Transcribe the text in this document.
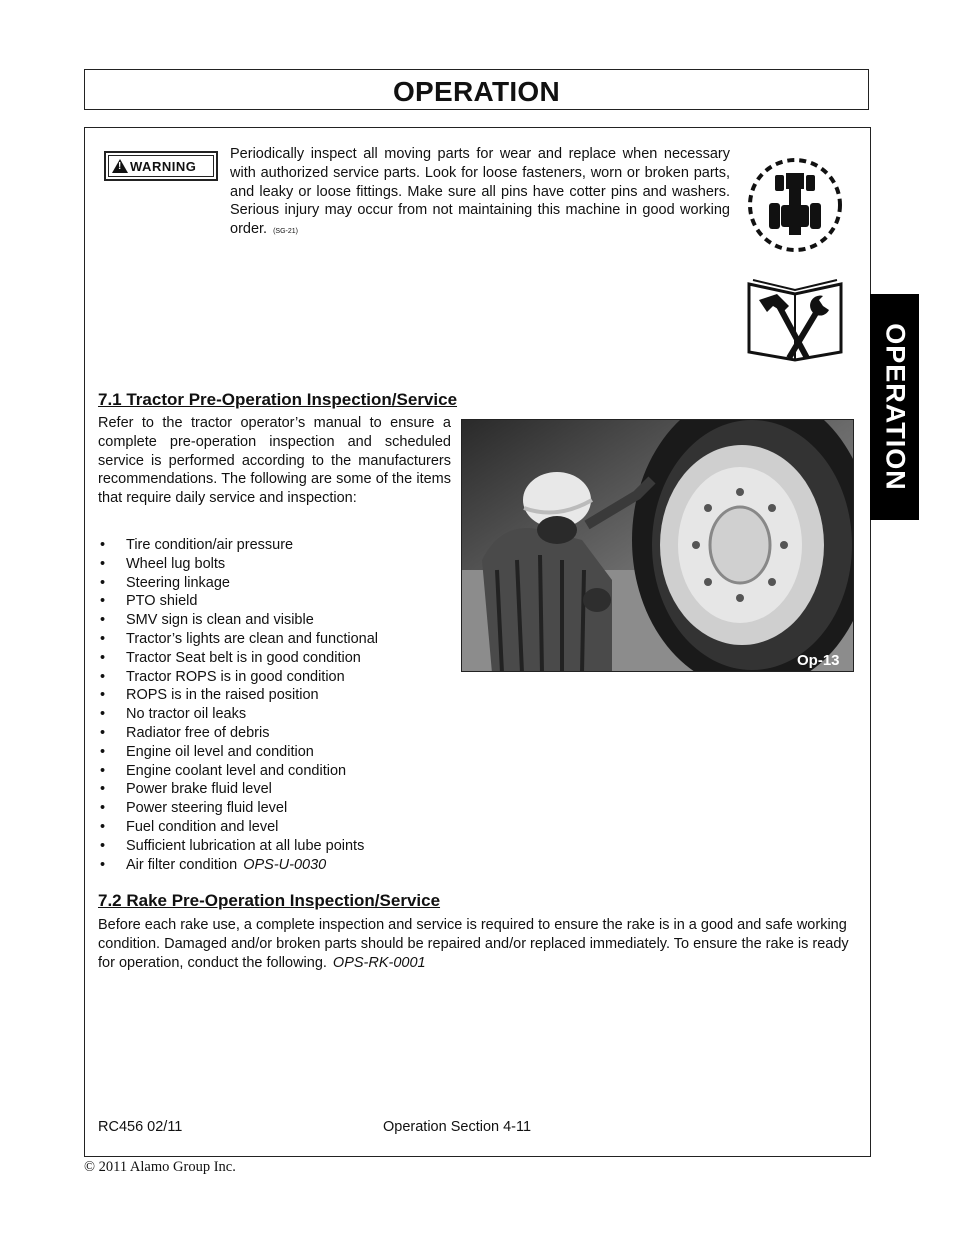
OPERATION
OPERATION
! WARNING

Periodically inspect all moving parts for wear and replace when necessary with authorized service parts. Look for loose fasteners, worn or broken parts, and leaky or loose fittings. Make sure all pins have cotter pins and washers. Serious injury may occur from not maintaining this machine in good working order. (SG-21)

7.1 Tractor Pre-Operation Inspection/Service

Refer to the tractor operator’s manual to ensure a complete pre-operation inspection and scheduled service is performed according to the manufacturers recommendations. The following are some of the items that require daily service and inspection:

• Tire condition/air pressure
• Wheel lug bolts
• Steering linkage
• PTO shield
• SMV sign is clean and visible
• Tractor’s lights are clean and functional
• Tractor Seat belt is in good condition
• Tractor ROPS is in good condition
• ROPS is in the raised position
• No tractor oil leaks
• Radiator free of debris
• Engine oil level and condition
• Engine coolant level and condition
• Power brake fluid level
• Power steering fluid level
• Fuel condition and level
• Sufficient lubrication at all lube points
• Air filter condition OPS-U-0030
Op-13
7.2 Rake Pre-Operation Inspection/Service

Before each rake use, a complete inspection and service is required to ensure the rake is in a good and safe working condition. Damaged and/or broken parts should be repaired and/or replaced immediately. To ensure the rake is ready for operation, conduct the following. OPS-RK-0001

RC456 02/11	Operation Section 4-11
© 2011 Alamo Group Inc.
